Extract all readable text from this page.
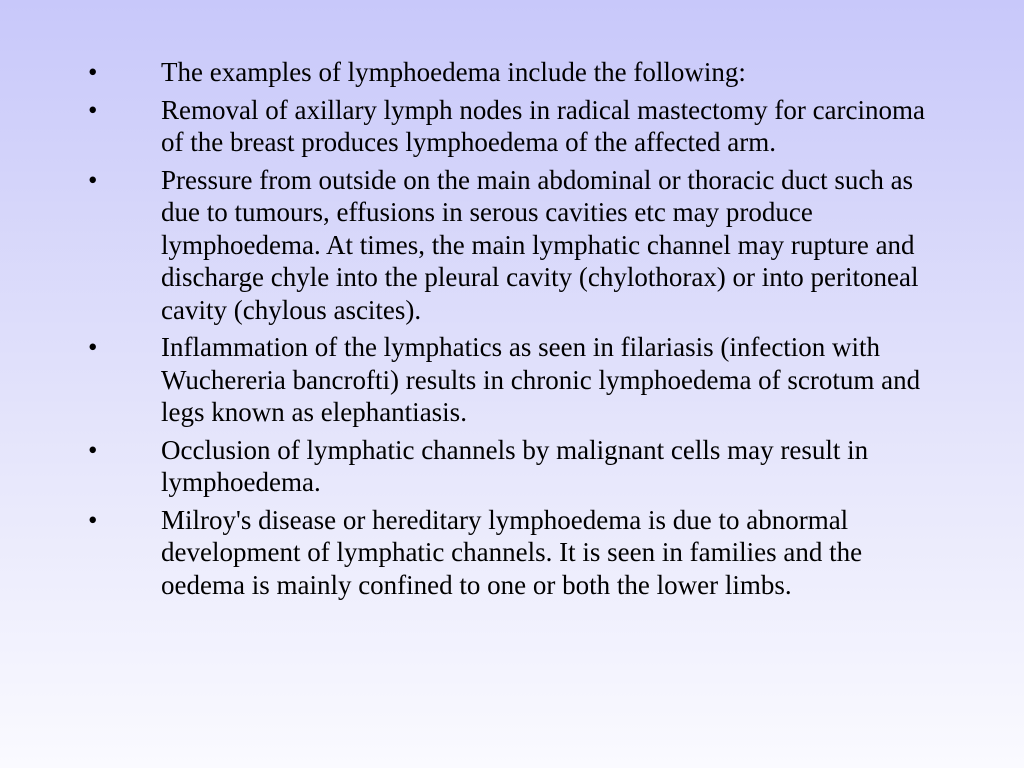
•	The examples of lymphoedema include the following:
•	Removal of axillary lymph nodes in radical mastectomy for carcinoma of the breast produces lymphoedema of the affected arm.
•	Pressure from outside on the main abdominal or thoracic duct such as due to tumours, effusions in serous cavities etc may produce lymphoedema. At times, the main lymphatic channel may rupture and discharge chyle into the pleural cavity (chylothorax) or into peritoneal cavity (chylous ascites).
•	Inflammation of the lymphatics as seen in filariasis (infection with Wuchereria bancrofti) results in chronic lymphoedema of scrotum and legs known as elephantiasis.
•	Occlusion of lymphatic channels by malignant cells may result in lymphoedema.
•	Milroy's disease or hereditary lymphoedema is due to abnormal development of lymphatic channels. It is seen in families and the oedema is mainly confined to one or both the lower limbs.
